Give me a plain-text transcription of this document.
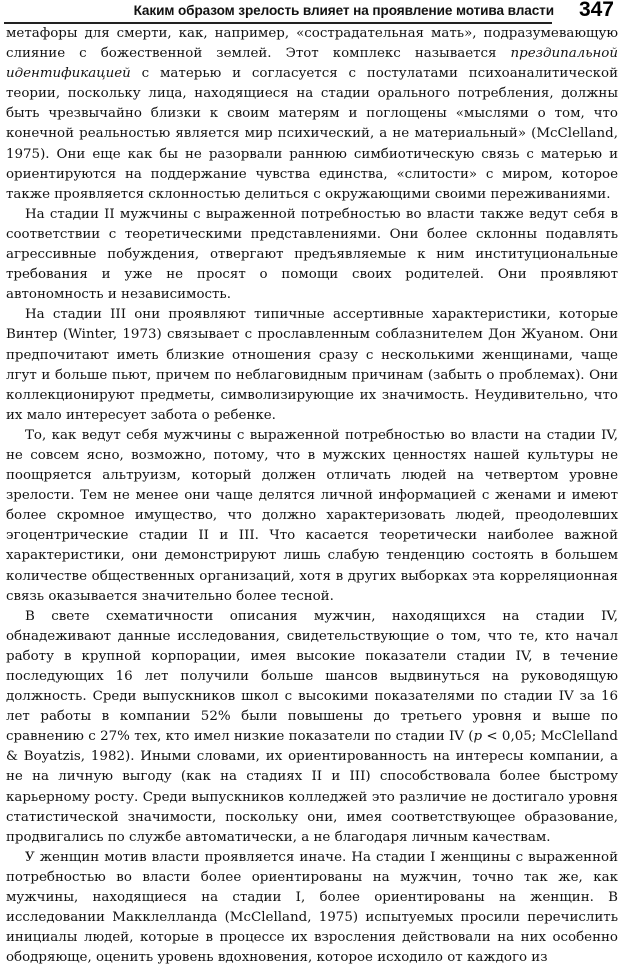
Каким образом зрелость влияет на проявление мотива власти 347

метафоры для смерти, как, например, «сострадательная мать», подразумевающую слияние с божественной землей. Этот комплекс называется прездипальной идентификацией с матерью и согласуется с постулатами психоаналитической теории, поскольку лица, находящиеся на стадии орального потребления, должны быть чрезвычайно близки к своим матерям и поглощены «мыслями о том, что конечной реальностью является мир психический, а не материальный» (McClelland, 1975). Они еще как бы не разорвали раннюю симбиотическую связь с матерью и ориентируются на поддержание чувства единства, «слитости» с миром, которое также проявляется склонностью делиться с окружающими своими переживаниями.

На стадии II мужчины с выраженной потребностью во власти также ведут себя в соответствии с теоретическими представлениями. Они более склонны подавлять агрессивные побуждения, отвергают предъявляемые к ним институциональные требования и уже не просят о помощи своих родителей. Они проявляют автономность и независимость.

На стадии III они проявляют типичные ассертивные характеристики, которые Винтер (Winter, 1973) связывает с прославленным соблазнителем Дон Жуаном. Они предпочитают иметь близкие отношения сразу с несколькими женщинами, чаще лгут и больше пьют, причем по неблаговидным причинам (забыть о проблемах). Они коллекционируют предметы, символизирующие их значимость. Неудивительно, что их мало интересует забота о ребенке.

То, как ведут себя мужчины с выраженной потребностью во власти на стадии IV, не совсем ясно, возможно, потому, что в мужских ценностях нашей культуры не поощряется альтруизм, который должен отличать людей на четвертом уровне зрелости. Тем не менее они чаще делятся личной информацией с женами и имеют более скромное имущество, что должно характеризовать людей, преодолевших эгоцентрические стадии II и III. Что касается теоретически наиболее важной характеристики, они демонстрируют лишь слабую тенденцию состоять в большем количестве общественных организаций, хотя в других выборках эта корреляционная связь оказывается значительно более тесной.

В свете схематичности описания мужчин, находящихся на стадии IV, обнадеживают данные исследования, свидетельствующие о том, что те, кто начал работу в крупной корпорации, имея высокие показатели стадии IV, в течение последующих 16 лет получили больше шансов выдвинуться на руководящую должность. Среди выпускников школ с высокими показателями по стадии IV за 16 лет работы в компании 52% были повышены до третьего уровня и выше по сравнению с 27% тех, кто имел низкие показатели по стадии IV (p < 0,05; McClelland & Boyatzis, 1982). Иными словами, их ориентированность на интересы компании, а не на личную выгоду (как на стадиях II и III) способствовала более быстрому карьерному росту. Среди выпускников колледжей это различие не достигало уровня статистической значимости, поскольку они, имея соответствующее образование, продвигались по службе автоматически, а не благодаря личным качествам.

У женщин мотив власти проявляется иначе. На стадии I женщины с выраженной потребностью во власти более ориентированы на мужчин, точно так же, как мужчины, находящиеся на стадии I, более ориентированы на женщин. В исследовании Макклелланда (McClelland, 1975) испытуемых просили перечислить инициалы людей, которые в процессе их взросления действовали на них особенно ободряюще, оценить уровень вдохновения, которое исходило от каждого из
